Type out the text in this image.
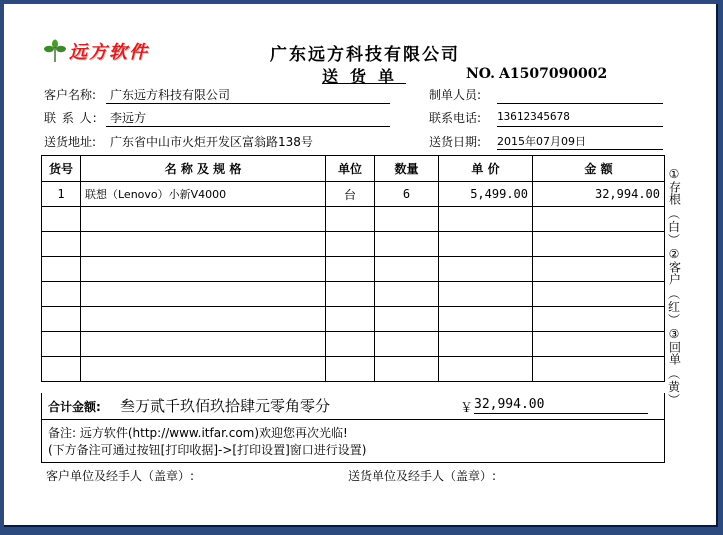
远方软件	广东远方科技有限公司
送货单	NO. A1507090002
客户名称: 广东远方科技有限公司
联 系 人: 李远方
送货地址: 广东省中山市火炬开发区富翁路138号
制单人员:
联系电话: 13612345678
送货日期: 2015年07月09日
货号	名 称 及 规 格	单位	数量	单 价	金 额
1	联想（Lenovo）小新V4000	台	6	5,499.00	32,994.00

合计金额: 叁万贰千玖佰玖拾肆元零角零分	￥ 32,994.00
备注: 远方软件(http://www.itfar.com)欢迎您再次光临!
(下方备注可通过按钮[打印收据]->[打印设置]窗口进行设置)
客户单位及经手人（盖章）:	送货单位及经手人（盖章）:
①
存根
︵
白
︶
②
客户
︵
红
︶
③
回单
︵
黄
︶
